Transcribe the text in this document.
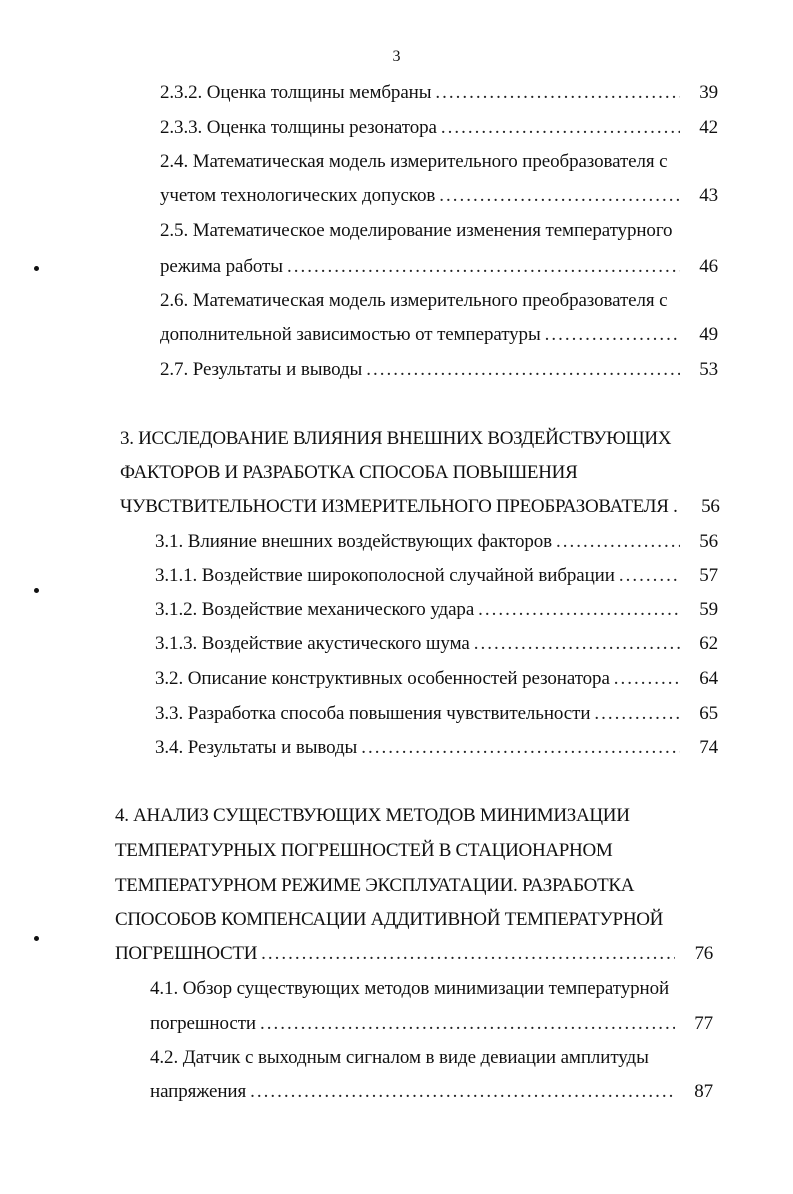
3
2.3.2. Оценка толщины мембраны .....	39
2.3.3. Оценка толщины резонатора .....	42
2.4. Математическая модель измерительного преобразователя с
учетом технологических допусков .....	43
2.5. Математическое моделирование изменения температурного
режима работы .....	46
2.6. Математическая модель измерительного преобразователя с
дополнительной зависимостью от температуры .....	49
2.7. Результаты и выводы .....	53
3. ИССЛЕДОВАНИЕ ВЛИЯНИЯ ВНЕШНИХ ВОЗДЕЙСТВУЮЩИХ
ФАКТОРОВ И РАЗРАБОТКА СПОСОБА ПОВЫШЕНИЯ
ЧУВСТВИТЕЛЬНОСТИ ИЗМЕРИТЕЛЬНОГО ПРЕОБРАЗОВАТЕЛЯ .	56
3.1. Влияние внешних воздействующих факторов .....	56
3.1.1. Воздействие широкополосной случайной вибрации .....	57
3.1.2. Воздействие механического удара .....	59
3.1.3. Воздействие акустического шума .....	62
3.2. Описание конструктивных особенностей резонатора .....	64
3.3. Разработка способа повышения чувствительности .....	65
3.4. Результаты и выводы .....	74
4. АНАЛИЗ СУЩЕСТВУЮЩИХ МЕТОДОВ МИНИМИЗАЦИИ
ТЕМПЕРАТУРНЫХ ПОГРЕШНОСТЕЙ В СТАЦИОНАРНОМ
ТЕМПЕРАТУРНОМ РЕЖИМЕ ЭКСПЛУАТАЦИИ. РАЗРАБОТКА
СПОСОБОВ КОМПЕНСАЦИИ АДДИТИВНОЙ ТЕМПЕРАТУРНОЙ
ПОГРЕШНОСТИ .....	76
4.1. Обзор существующих методов минимизации температурной
погрешности .....	77
4.2. Датчик с выходным сигналом в виде девиации амплитуды
напряжения .....	87
